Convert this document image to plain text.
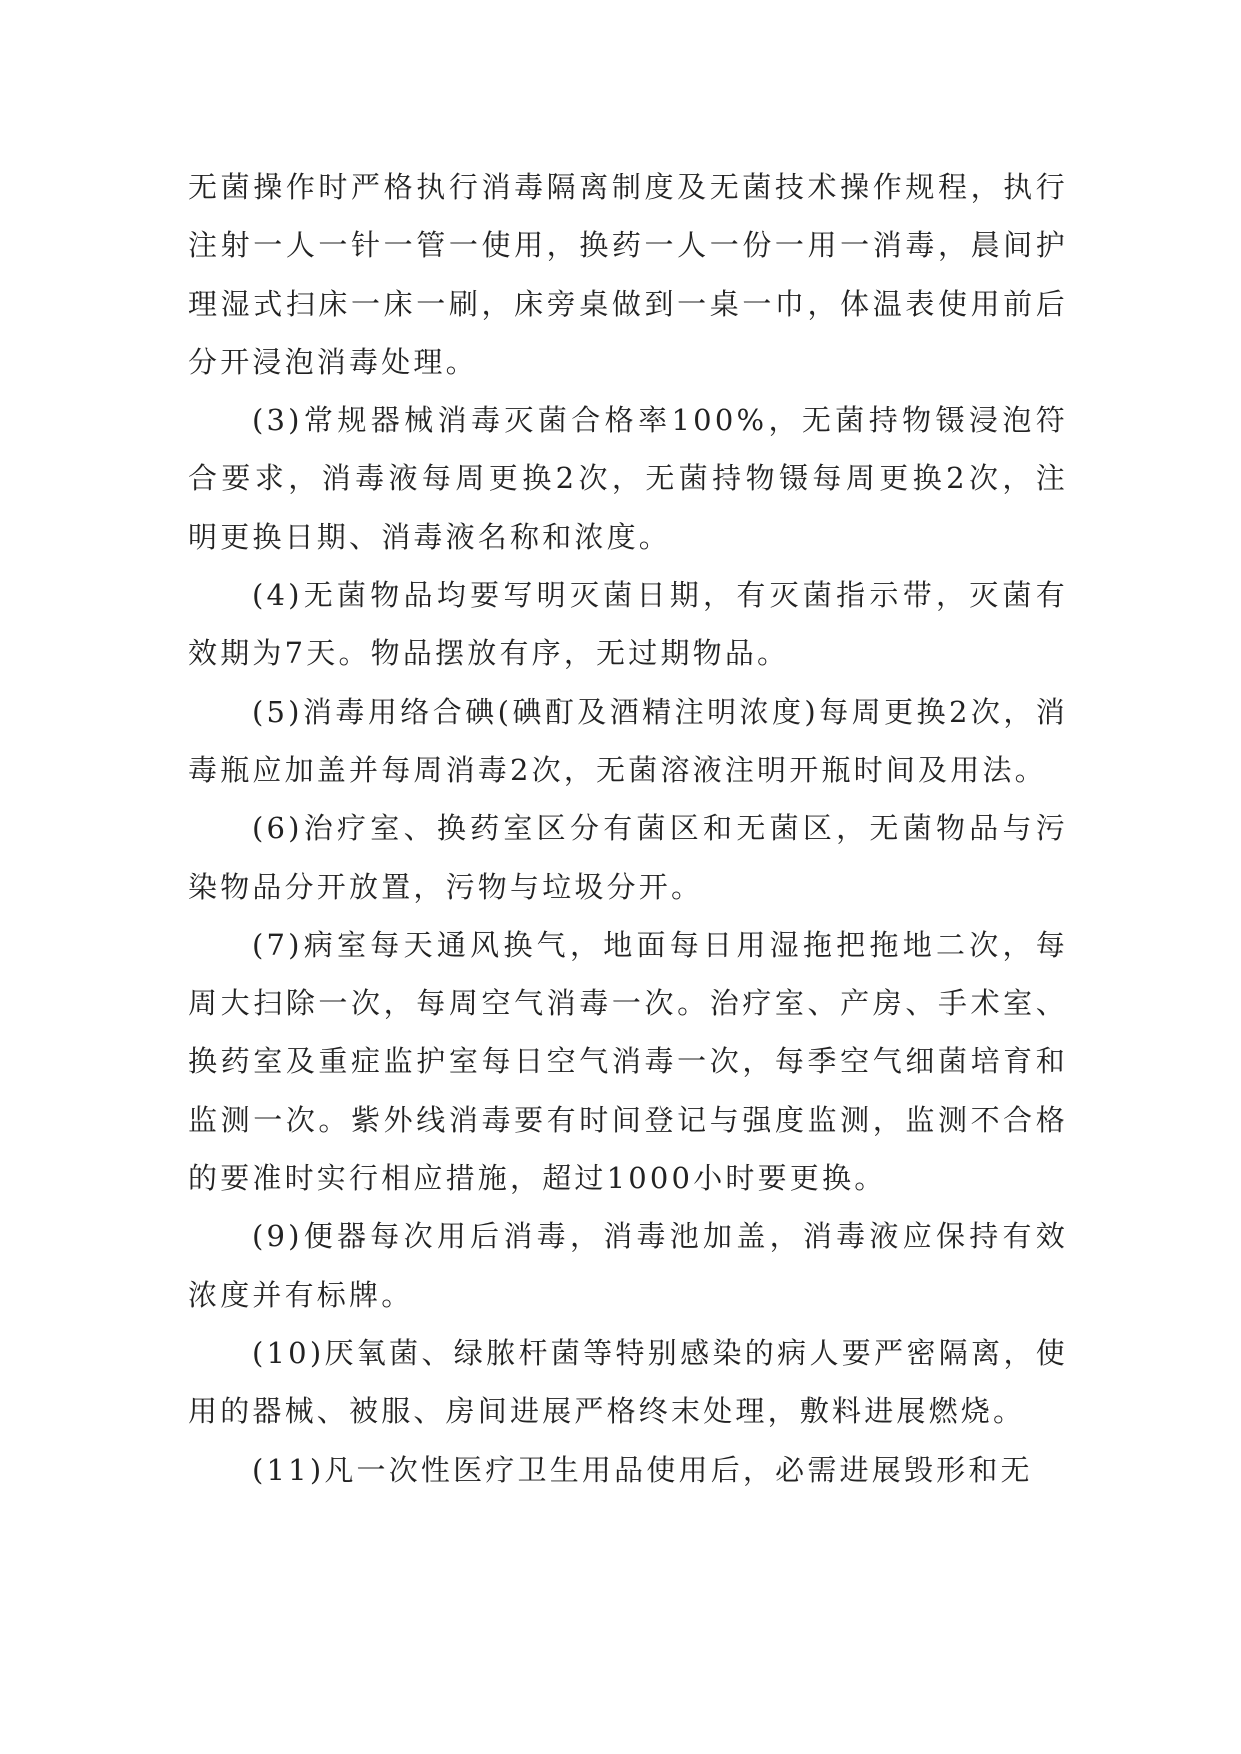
无菌操作时严格执行消毒隔离制度及无菌技术操作规程，执行注射一人一针一管一使用，换药一人一份一用一消毒，晨间护理湿式扫床一床一刷，床旁桌做到一桌一巾，体温表使用前后分开浸泡消毒处理。

(3)常规器械消毒灭菌合格率100%，无菌持物镊浸泡符合要求，消毒液每周更换2次，无菌持物镊每周更换2次，注明更换日期、消毒液名称和浓度。

(4)无菌物品均要写明灭菌日期，有灭菌指示带，灭菌有效期为7天。物品摆放有序，无过期物品。

(5)消毒用络合碘(碘酊及酒精注明浓度)每周更换2次，消毒瓶应加盖并每周消毒2次，无菌溶液注明开瓶时间及用法。

(6)治疗室、换药室区分有菌区和无菌区，无菌物品与污染物品分开放置，污物与垃圾分开。

(7)病室每天通风换气，地面每日用湿拖把拖地二次，每周大扫除一次，每周空气消毒一次。治疗室、产房、手术室、换药室及重症监护室每日空气消毒一次，每季空气细菌培育和监测一次。紫外线消毒要有时间登记与强度监测，监测不合格的要准时实行相应措施，超过1000小时要更换。

(9)便器每次用后消毒，消毒池加盖，消毒液应保持有效浓度并有标牌。

(10)厌氧菌、绿脓杆菌等特别感染的病人要严密隔离，使用的器械、被服、房间进展严格终末处理，敷料进展燃烧。

(11)凡一次性医疗卫生用品使用后，必需进展毁形和无
